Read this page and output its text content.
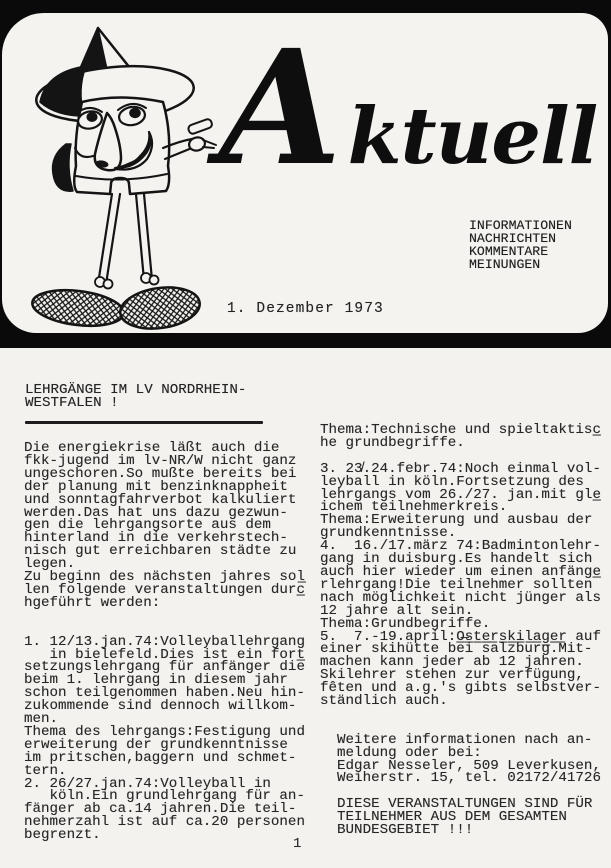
A ktuell
INFORMATIONEN
NACHRICHTEN
KOMMENTARE
MEINUNGEN
1. Dezember 1973
LEHRGÄNGE IM LV NORDRHEIN-
WESTFALEN !
Die energiekrise läßt auch die
fkk-jugend im lv-NR/W nicht ganz
ungeschoren.So mußte bereits bei
der planung mit benzinknappheit
und sonntagfahrverbot kalkuliert
werden.Das hat uns dazu gezwun-
gen die lehrgangsorte aus dem
hinterland in die verkehrstech-
nisch gut erreichbaren städte zu
legen.
Zu beginn des nächsten jahres sol̲
len folgende veranstaltungen durc̲
hgeführt werden:

1. 12/13.jan.74:Volleyballehrgang
in bielefeld.Dies ist ein fort̲
setzungslehrgang für anfänger die
beim 1. lehrgang in diesem jahr
schon teilgenommen haben.Neu hin-
zukommende sind dennoch willkom-
men.
Thema des lehrgangs:Festigung und
erweiterung der grundkenntnisse
im pritschen,baggern und schmet-
tern.
2. 26/27.jan.74:Volleyball in
köln.Ein grundlehrgang für an-
fänger ab ca.14 jahren.Die teil-
nehmerzahl ist auf ca.20 personen
begrenzt.
Thema:Technische und spieltaktisc̲
he grundbegriffe.

3. 23̸.24.febr.74:Noch einmal vol-
leyball in köln.Fortsetzung des
lehrgangs vom 26./27. jan.mit gle̲
ichem teilnehmerkreis.
Thema:Erweiterung und ausbau der
grundkenntnisse.
4.  16./17.märz 74:Badmintonlehr-
gang in duisburg.Es handelt sich
auch hier wieder um einen anfänge̲
rlehrgang!Die teilnehmer sollten
nach möglichkeit nicht jünger als
12 jahre alt sein.
Thema:Grundbegriffe.
5.  7.-19.april:O̶̲s̲t̲e̲r̲s̲k̲i̲l̲a̲g̲e̲r̲ auf
einer skihütte bei salzburg.Mit-
machen kann jeder ab 12 jahren.
Skilehrer stehen zur verfügung,
fêten und a.g.'s gibts selbstver-
ständlich auch.

Weitere informationen nach an-
meldung oder bei:
Edgar Nesseler, 509 Leverkusen,
Weiherstr. 15, tel. 02172/41726

DIESE VERANSTALTUNGEN SIND FÜR
TEILNEHMER AUS DEM GESAMTEN
BUNDESGEBIET !!!
1
